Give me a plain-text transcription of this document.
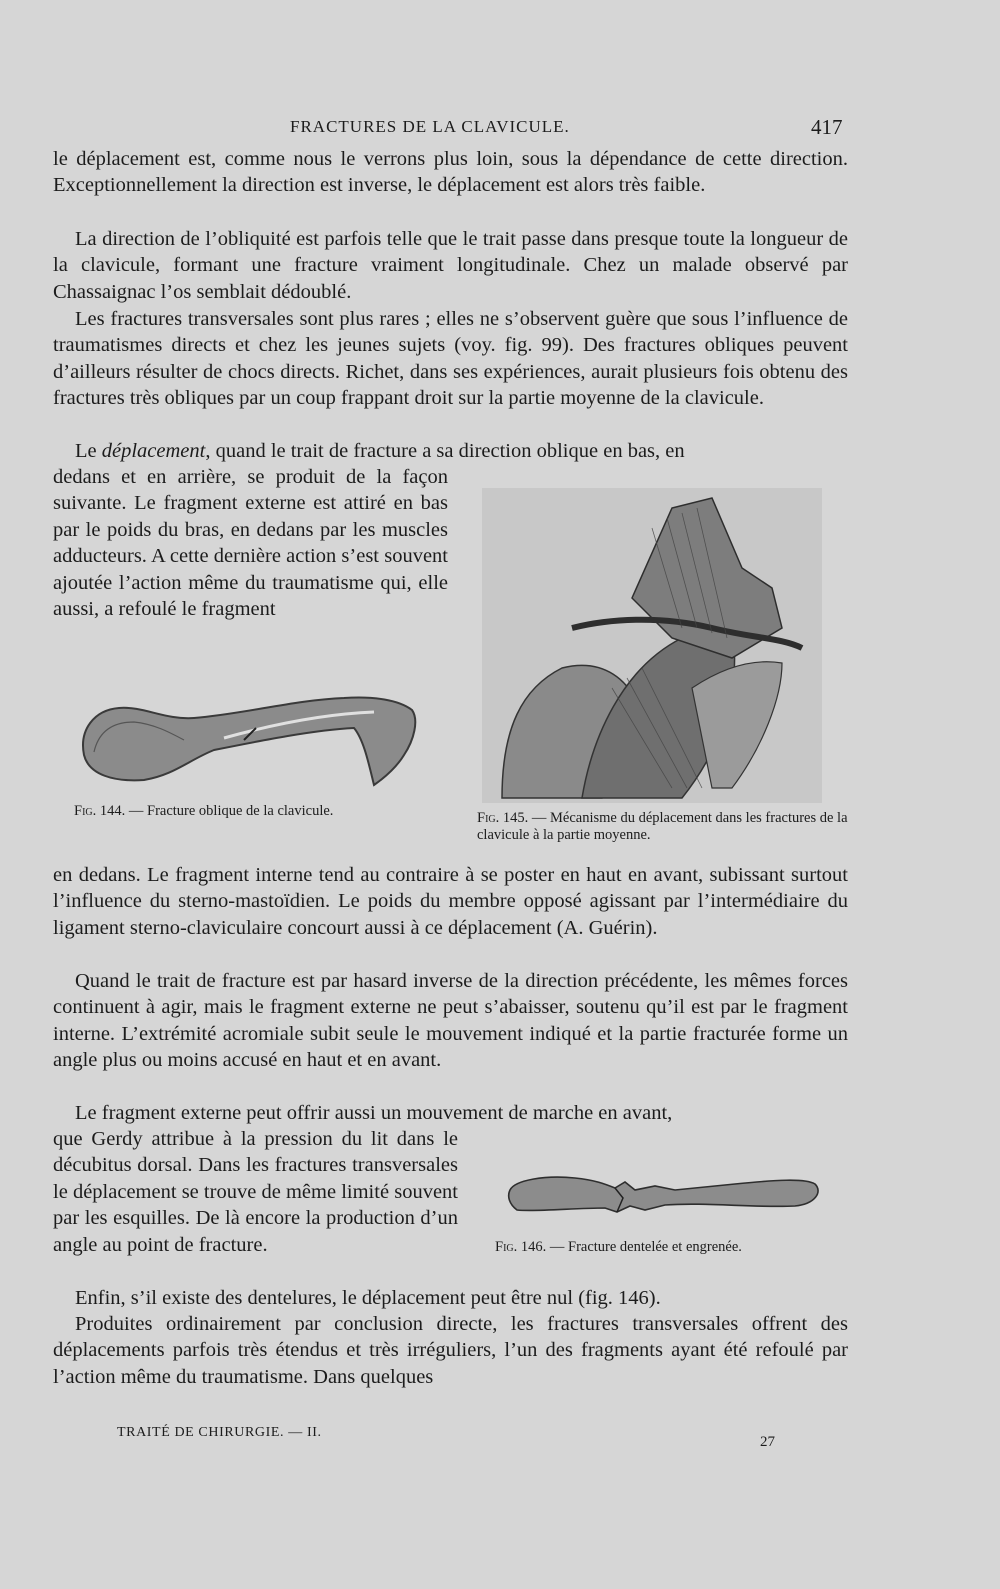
FRACTURES DE LA CLAVICULE.	417

le déplacement est, comme nous le verrons plus loin, sous la dépendance de cette direction. Exceptionnellement la direction est inverse, le déplacement est alors très faible.

La direction de l’obliquité est parfois telle que le trait passe dans presque toute la longueur de la clavicule, formant une fracture vraiment longitudinale. Chez un malade observé par Chassaignac l’os semblait dédoublé.

Les fractures transversales sont plus rares ; elles ne s’observent guère que sous l’influence de traumatismes directs et chez les jeunes sujets (voy. fig. 99). Des fractures obliques peuvent d’ailleurs résulter de chocs directs. Richet, dans ses expériences, aurait plusieurs fois obtenu des fractures très obliques par un coup frappant droit sur la partie moyenne de la clavicule.

Le déplacement, quand le trait de fracture a sa direction oblique en bas, en

dedans et en arrière, se produit de la façon suivante. Le fragment externe est attiré en bas par le poids du bras, en dedans par les muscles adducteurs. A cette dernière action s’est souvent ajoutée l’action même du traumatisme qui, elle aussi, a refoulé le fragment

Fig. 144. — Fracture oblique de la clavicule.	Fig. 145. — Mécanisme du déplacement dans les fractures de la clavicule à la partie moyenne.

en dedans. Le fragment interne tend au contraire à se poster en haut en avant, subissant surtout l’influence du sterno-mastoïdien. Le poids du membre opposé agissant par l’intermédiaire du ligament sterno-claviculaire concourt aussi à ce déplacement (A. Guérin).

Quand le trait de fracture est par hasard inverse de la direction précédente, les mêmes forces continuent à agir, mais le fragment externe ne peut s’abaisser, soutenu qu’il est par le fragment interne. L’extrémité acromiale subit seule le mouvement indiqué et la partie fracturée forme un angle plus ou moins accusé en haut et en avant.

Le fragment externe peut offrir aussi un mouvement de marche en avant,

que Gerdy attribue à la pression du lit dans le décubitus dorsal. Dans les fractures transversales le déplacement se trouve de même limité souvent par les esquilles. De là encore la production d’un angle au point de fracture.	Fig. 146. — Fracture dentelée et engrenée.

Enfin, s’il existe des dentelures, le déplacement peut être nul (fig. 146).

Produites ordinairement par conclusion directe, les fractures transversales offrent des déplacements parfois très étendus et très irréguliers, l’un des fragments ayant été refoulé par l’action même du traumatisme. Dans quelques

TRAITÉ DE CHIRURGIE. — II.
27
